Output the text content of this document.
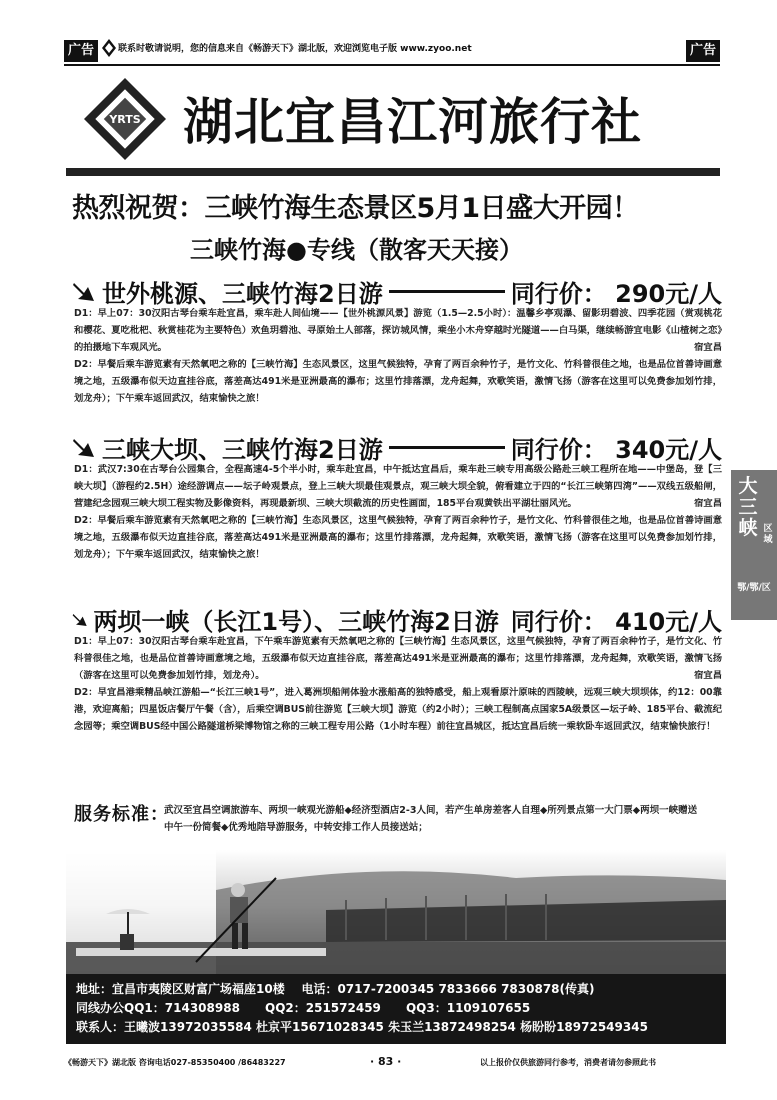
广告	联系时敬请说明，您的信息来自《畅游天下》湖北版，欢迎浏览电子版 www.zyoo.net	广告
YRTS 湖北宜昌江河旅行社
热烈祝贺：三峡竹海生态景区5月1日盛大开园！
三峡竹海●专线（散客天天接）
世外桃源、三峡竹海2日游	同行价： 290元/人

D1：早上07：30汉阳古琴台乘车赴宜昌，乘车赴人间仙境——【世外桃源风景】游览（1.5—2.5小时）：温馨乡亭观瀑、留影玥碧波、四季花园（赏观桃花和樱花、夏吃枇杷、秋赏桂花为主要特色）欢鱼玥碧池、寻原始土人部落，探访城风情，乘坐小木舟穿越时光隧道——白马渠，继续畅游宜电影《山楂树之恋》的拍摄地下车观风光。	宿宜昌

D2：早餐后乘车游览素有天然氧吧之称的【三峡竹海】生态风景区，这里气候独特，孕育了两百余种竹子，是竹文化、竹科普很佳之地，也是品位首善诗画意境之地，五级瀑布似天边直挂谷底，落差高达491米是亚洲最高的瀑布；这里竹排落漂，龙舟起舞，欢歌笑语，激情飞扬（游客在这里可以免费参加划竹排，划龙舟）；下午乘车返回武汉，结束愉快之旅！

三峡大坝、三峡竹海2日游	同行价： 340元/人

D1：武汉7:30在古琴台公园集合，全程高速4-5个半小时，乘车赴宜昌，中午抵达宜昌后，乘车赴三峡专用高级公路赴三峡工程所在地——中堡岛，登【三峡大坝】（游程约2.5H）途经游调点——坛子岭观景点，登上三峡大坝最佳观景点，观三峡大坝全貌，俯看建立于四的“长江三峡第四湾”——双线五级船闸，营建纪念园观三峡大坝工程实物及影像资料，再现最新坝、三峡大坝截流的历史性画面，185平台观黄铁出平湖壮丽风光。	宿宜昌

D2：早餐后乘车游览素有天然氧吧之称的【三峡竹海】生态风景区，这里气候独特，孕育了两百余种竹子，是竹文化、竹科普很佳之地，也是品位首善诗画意境之地，五级瀑布似天边直挂谷底，落差高达491米是亚洲最高的瀑布；这里竹排落漂，龙舟起舞，欢歌笑语，激情飞扬（游客在这里可以免费参加划竹排，划龙舟）；下午乘车返回武汉，结束愉快之旅！

两坝一峡（长江1号）、三峡竹海2日游 同行价： 410元/人

D1：早上07：30汉阳古琴台乘车赴宜昌，下午乘车游览素有天然氧吧之称的【三峡竹海】生态风景区，这里气候独特，孕育了两百余种竹子，是竹文化、竹科普很佳之地，也是品位首善诗画意境之地，五级瀑布似天边直挂谷底，落差高达491米是亚洲最高的瀑布；这里竹排落漂，龙舟起舞，欢歌笑语，激情飞扬（游客在这里可以免费参加划竹排，划龙舟）。	宿宜昌

D2：早宜昌港乘精品峡江游船—“长江三峡1号”，进入葛洲坝船闸体验水涨船高的独特感受，船上观看原汁原味的西陵峡，远观三峡大坝坝体，约12：00靠港，欢迎离船；四星饭店餐厅午餐（含），后乘空调BUS前往游览【三峡大坝】游览（约2小时）；三峡工程制高点国家5A级景区—坛子岭、185平台、截流纪念园等；乘空调BUS经中国公路隧道桥梁博物馆之称的三峡工程专用公路（1小时车程）前往宜昌城区，抵达宜昌后统一乘软卧车返回武汉，结束愉快旅行！

服务标准：
武汉至宜昌空调旅游车、两坝一峡观光游船◆经济型酒店2-3人间，若产生单房差客人自理◆所列景点第一大门票◆两坝一峡赠送中午一份简餐◆优秀地陪导游服务，中转安排工作人员接送站；
地址：宜昌市夷陵区财富广场福座10楼 电话：0717-7200345 7833666 7830878(传真)
同线办公QQ1：714308988 QQ2：251572459 QQ3：1109107655
联系人：王曦波13972035584 杜京平15671028345 朱玉兰13872498254 杨盼盼18972549345
《畅游天下》湖北版 咨询电话027-85350400 /86483227	· 83 ·	以上报价仅供旅游同行参考，消费者请勿参照此书
大三峡 区域
鄂/鄂/区
